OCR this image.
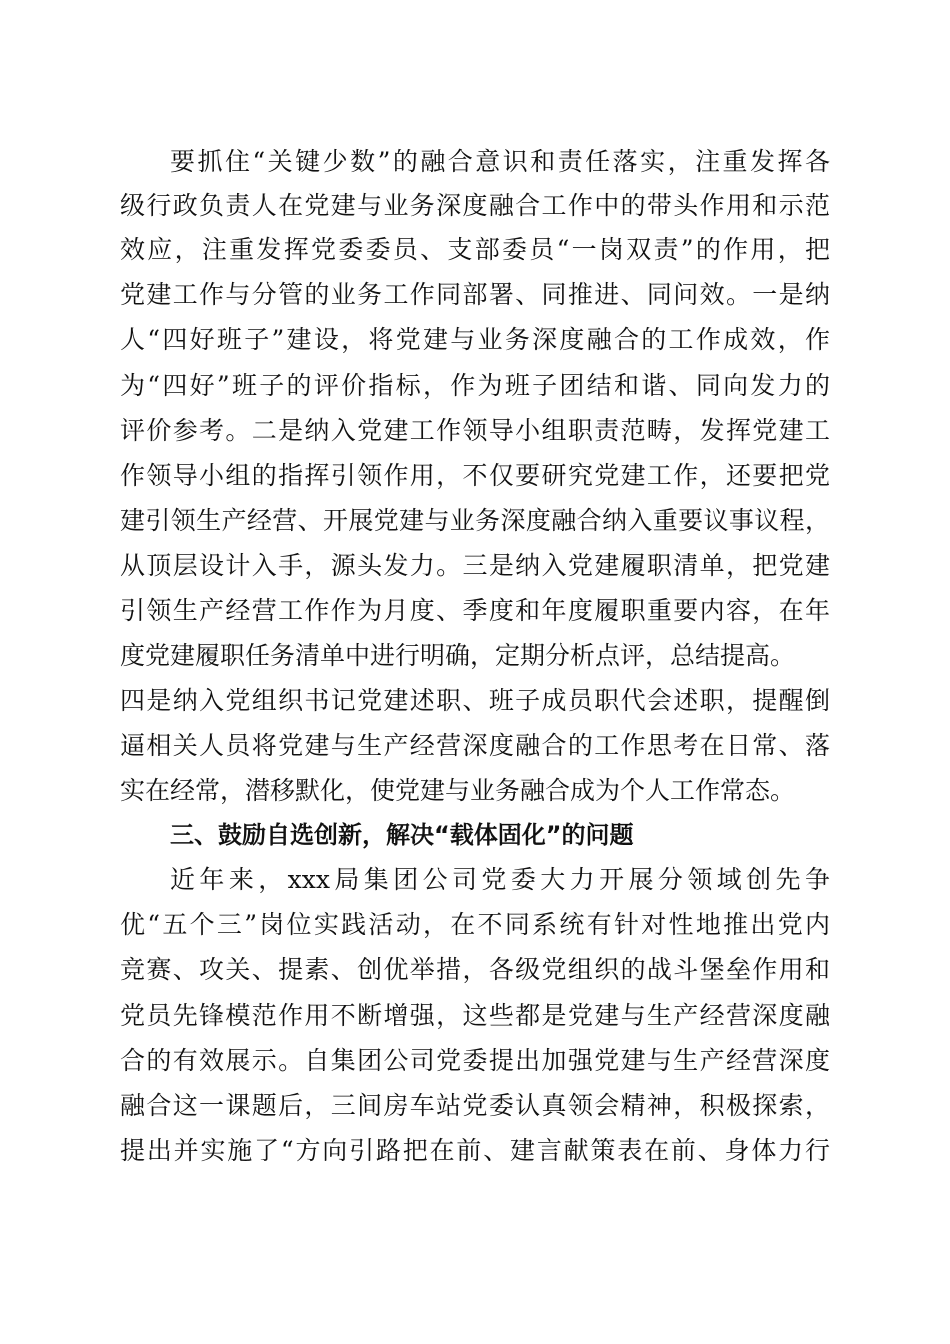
要抓住“关键少数”的融合意识和责任落实，注重发挥各

级行政负责人在党建与业务深度融合工作中的带头作用和示范

效应，注重发挥党委委员、支部委员“一岗双责”的作用，把

党建工作与分管的业务工作同部署、同推进、同问效。一是纳

人“四好班子”建设，将党建与业务深度融合的工作成效，作

为“四好”班子的评价指标，作为班子团结和谐、同向发力的

评价参考。二是纳入党建工作领导小组职责范畴，发挥党建工

作领导小组的指挥引领作用，不仅要研究党建工作，还要把党

建引领生产经营、开展党建与业务深度融合纳入重要议事议程，

从顶层设计入手，源头发力。三是纳入党建履职清单，把党建

引领生产经营工作作为月度、季度和年度履职重要内容，在年

度党建履职任务清单中进行明确，定期分析点评，总结提高。

四是纳入党组织书记党建述职、班子成员职代会述职，提醒倒

逼相关人员将党建与生产经营深度融合的工作思考在日常、落

实在经常，潜移默化，使党建与业务融合成为个人工作常态。

三、鼓励自选创新，解决“载体固化”的问题

近年来，xxx局集团公司党委大力开展分领域创先争

优“五个三”岗位实践活动，在不同系统有针对性地推出党内

竞赛、攻关、提素、创优举措，各级党组织的战斗堡垒作用和

党员先锋模范作用不断增强，这些都是党建与生产经营深度融

合的有效展示。自集团公司党委提出加强党建与生产经营深度

融合这一课题后，三间房车站党委认真领会精神，积极探索，

提出并实施了“方向引路把在前、建言献策表在前、身体力行
